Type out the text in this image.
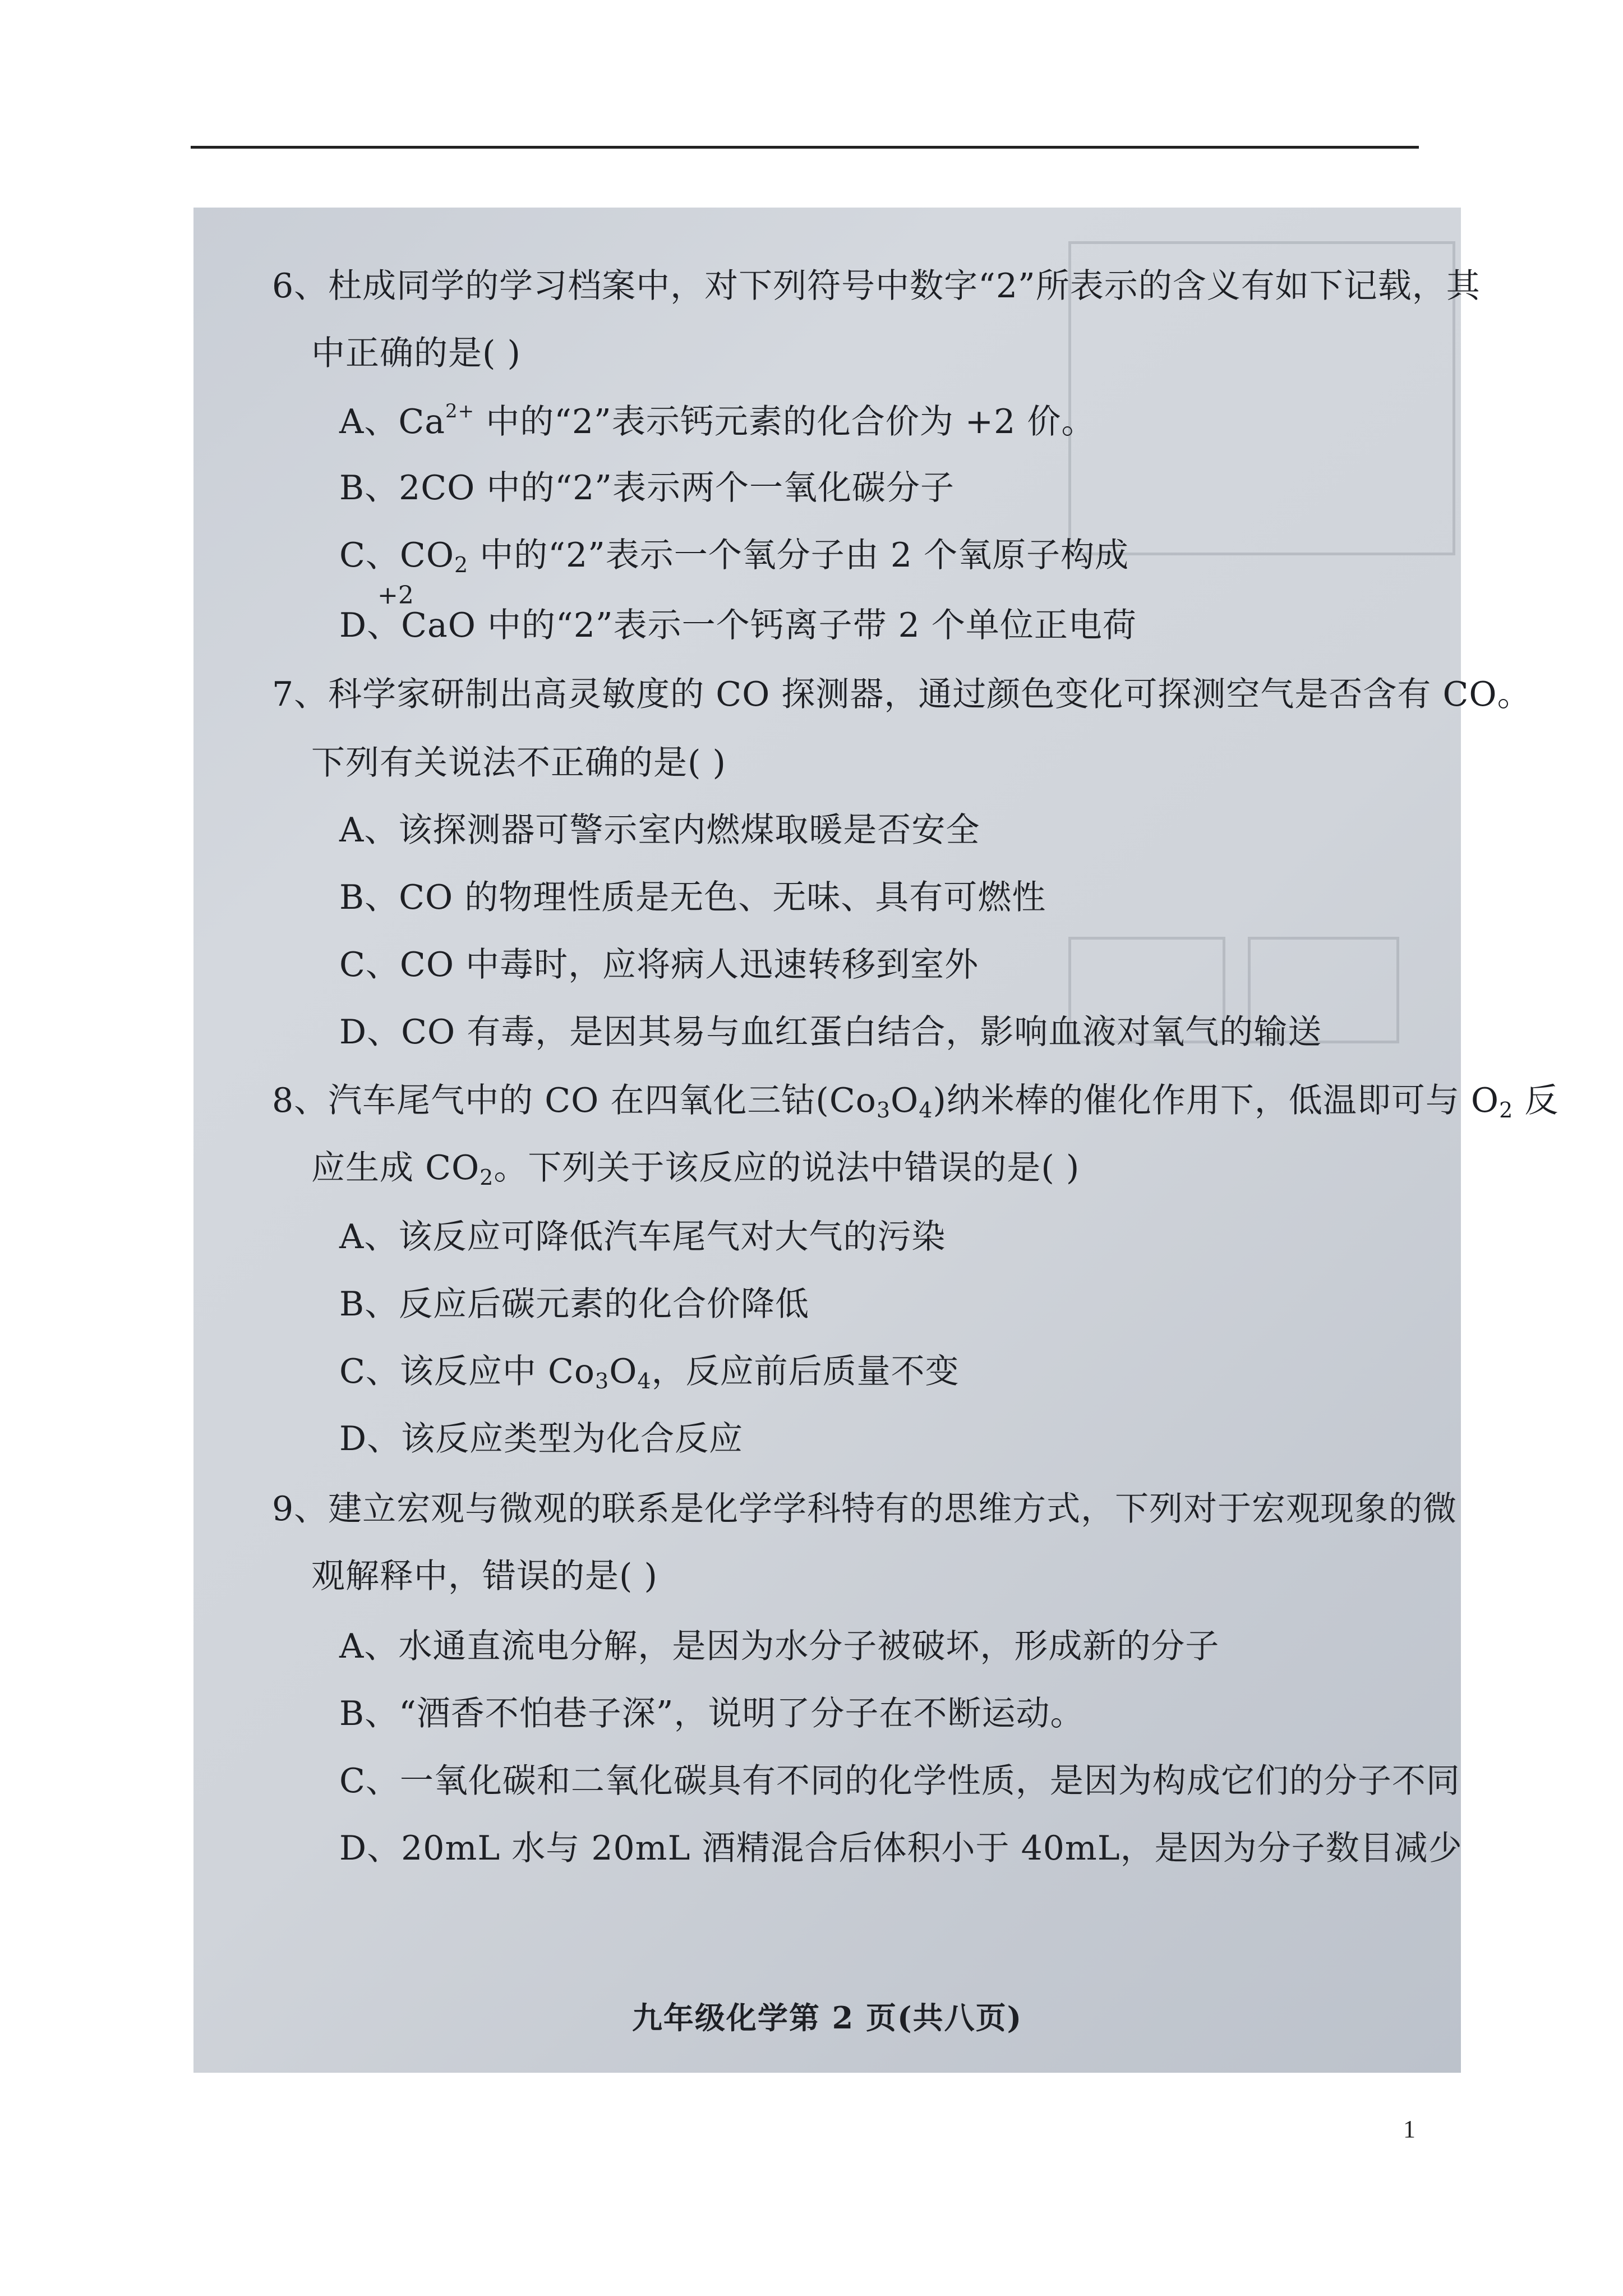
6、杜成同学的学习档案中，对下列符号中数字“2”所表示的含义有如下记载，其
中正确的是( )
A、$Ca^{2+}$ 中的“2”表示钙元素的化合价为 +2 价。
B、2CO 中的“2”表示两个一氧化碳分子
C、$CO_2$ 中的“2”表示一个氧分子由 2 个氧原子构成
+2
D、CaO 中的“2”表示一个钙离子带 2 个单位正电荷
7、科学家研制出高灵敏度的 CO 探测器，通过颜色变化可探测空气是否含有 CO。
下列有关说法不正确的是( )
A、该探测器可警示室内燃煤取暖是否安全
B、CO 的物理性质是无色、无味、具有可燃性
C、CO 中毒时，应将病人迅速转移到室外
D、CO 有毒，是因其易与血红蛋白结合，影响血液对氧气的输送
8、汽车尾气中的 CO 在四氧化三钴$(Co_3O_4)$纳米棒的催化作用下，低温即可与 $O_2$ 反
应生成 $CO_2$。下列关于该反应的说法中错误的是( )
A、该反应可降低汽车尾气对大气的污染
B、反应后碳元素的化合价降低
C、该反应中 $Co_3O_4$，反应前后质量不变
D、该反应类型为化合反应
9、建立宏观与微观的联系是化学学科特有的思维方式，下列对于宏观现象的微
观解释中，错误的是( )
A、水通直流电分解，是因为水分子被破坏，形成新的分子
B、“酒香不怕巷子深”，说明了分子在不断运动。
C、一氧化碳和二氧化碳具有不同的化学性质，是因为构成它们的分子不同
D、20mL 水与 20mL 酒精混合后体积小于 40mL，是因为分子数目减少
九年级化学第 2 页(共八页)
1
